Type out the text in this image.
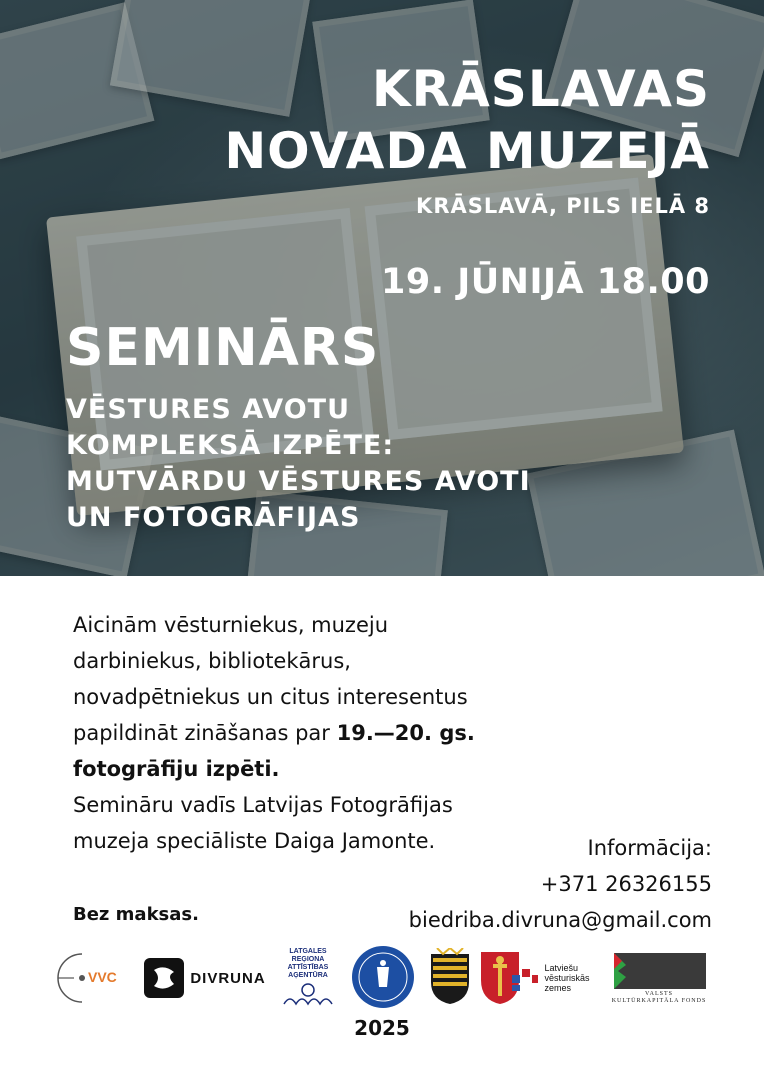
KRĀSLAVAS
NOVADA MUZEJĀ
KRĀSLAVĀ, PILS IELĀ 8
19. JŪNIJĀ 18.00
SEMINĀRS
VĒSTURES AVOTU
KOMPLEKSĀ IZPĒTE:
MUTVĀRDU VĒSTURES AVOTI
UN FOTOGRĀFIJAS
Aicinām vēsturniekus, muzeju
darbiniekus, bibliotekārus,
novadpētniekus un citus interesentus
papildināt zināšanas par 19.—20. gs.
fotogrāfiju izpēti.
Semināru vadīs Latvijas Fotogrāfijas
muzeja speciāliste Daiga Jamonte.	Informācija:
+371 26326155
biedriba.divruna@gmail.com
Bez maksas.
VVC	DIVRUNA
LATGALES
REĢIONA
ATTĪSTĪBAS
AĢENTŪRA
Latviešu
vēsturiskās
zemes
VALSTS
KULTŪRKAPITĀLA FONDS
2025
